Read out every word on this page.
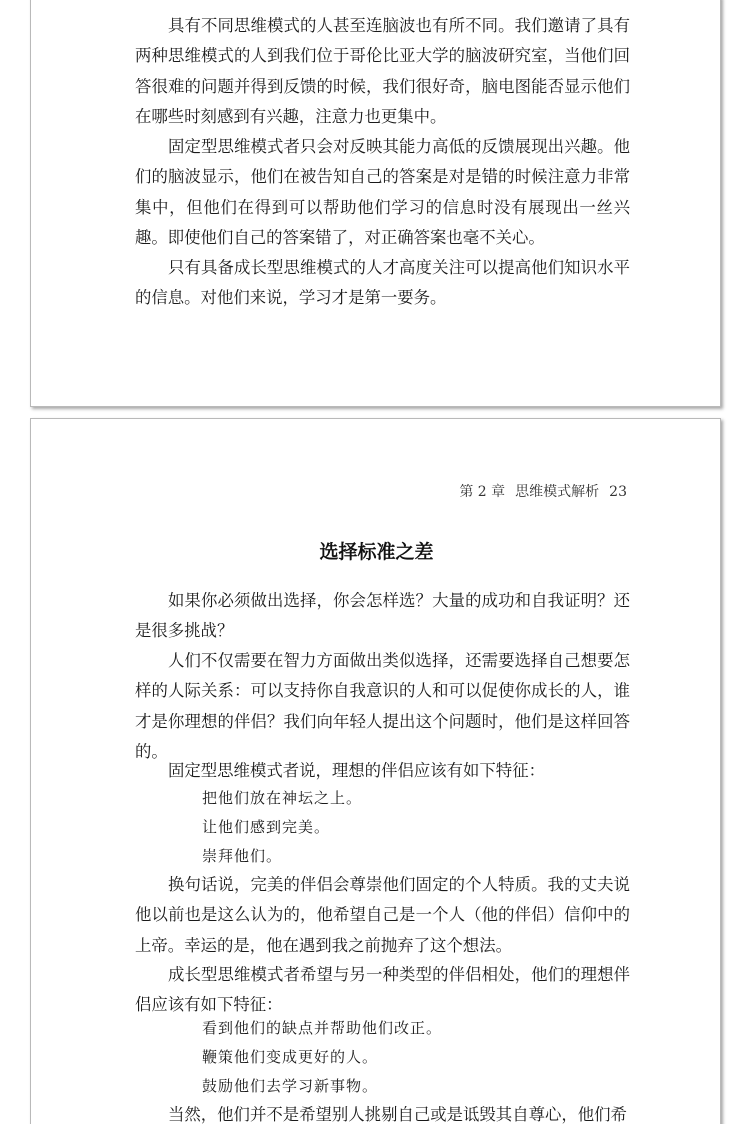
具有不同思维模式的人甚至连脑波也有所不同。我们邀请了具有两种思维模式的人到我们位于哥伦比亚大学的脑波研究室，当他们回答很难的问题并得到反馈的时候，我们很好奇，脑电图能否显示他们在哪些时刻感到有兴趣，注意力也更集中。

固定型思维模式者只会对反映其能力高低的反馈展现出兴趣。他们的脑波显示，他们在被告知自己的答案是对是错的时候注意力非常集中，但他们在得到可以帮助他们学习的信息时没有展现出一丝兴趣。即使他们自己的答案错了，对正确答案也毫不关心。

只有具备成长型思维模式的人才高度关注可以提高他们知识水平的信息。对他们来说，学习才是第一要务。

第 2 章 思维模式解析 23
选择标准之差

如果你必须做出选择，你会怎样选？大量的成功和自我证明？还是很多挑战？

人们不仅需要在智力方面做出类似选择，还需要选择自己想要怎样的人际关系：可以支持你自我意识的人和可以促使你成长的人，谁才是你理想的伴侣？我们向年轻人提出这个问题时，他们是这样回答的。

固定型思维模式者说，理想的伴侣应该有如下特征：

把他们放在神坛之上。

让他们感到完美。

崇拜他们。

换句话说，完美的伴侣会尊崇他们固定的个人特质。我的丈夫说他以前也是这么认为的，他希望自己是一个人（他的伴侣）信仰中的上帝。幸运的是，他在遇到我之前抛弃了这个想法。

成长型思维模式者希望与另一种类型的伴侣相处，他们的理想伴侣应该有如下特征：

看到他们的缺点并帮助他们改正。

鞭策他们变成更好的人。

鼓励他们去学习新事物。

当然，他们并不是希望别人挑剔自己或是诋毁其自尊心，他们希
